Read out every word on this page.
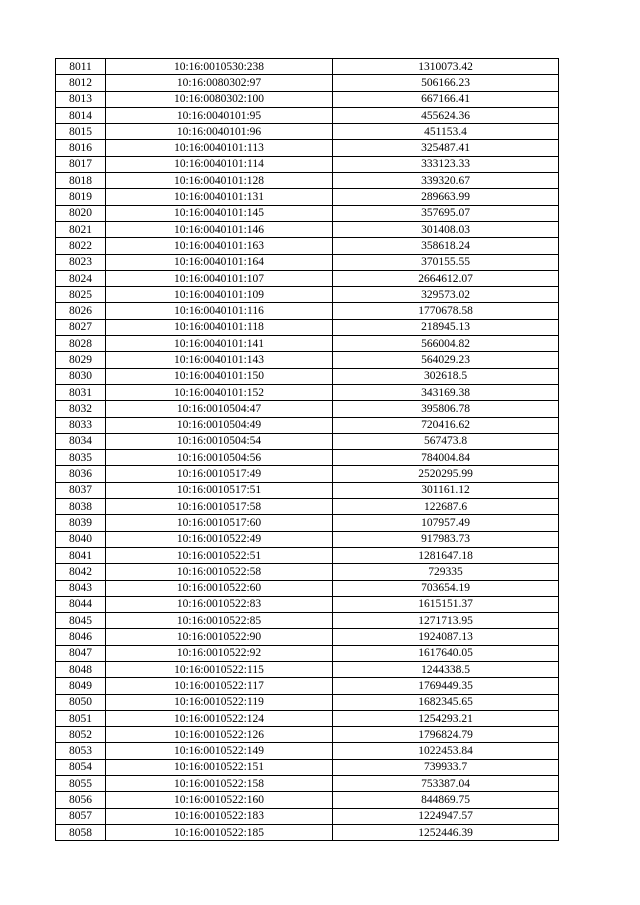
8011	10:16:0010530:238	1310073.42
8012	10:16:0080302:97	506166.23
8013	10:16:0080302:100	667166.41
8014	10:16:0040101:95	455624.36
8015	10:16:0040101:96	451153.4
8016	10:16:0040101:113	325487.41
8017	10:16:0040101:114	333123.33
8018	10:16:0040101:128	339320.67
8019	10:16:0040101:131	289663.99
8020	10:16:0040101:145	357695.07
8021	10:16:0040101:146	301408.03
8022	10:16:0040101:163	358618.24
8023	10:16:0040101:164	370155.55
8024	10:16:0040101:107	2664612.07
8025	10:16:0040101:109	329573.02
8026	10:16:0040101:116	1770678.58
8027	10:16:0040101:118	218945.13
8028	10:16:0040101:141	566004.82
8029	10:16:0040101:143	564029.23
8030	10:16:0040101:150	302618.5
8031	10:16:0040101:152	343169.38
8032	10:16:0010504:47	395806.78
8033	10:16:0010504:49	720416.62
8034	10:16:0010504:54	567473.8
8035	10:16:0010504:56	784004.84
8036	10:16:0010517:49	2520295.99
8037	10:16:0010517:51	301161.12
8038	10:16:0010517:58	122687.6
8039	10:16:0010517:60	107957.49
8040	10:16:0010522:49	917983.73
8041	10:16:0010522:51	1281647.18
8042	10:16:0010522:58	729335
8043	10:16:0010522:60	703654.19
8044	10:16:0010522:83	1615151.37
8045	10:16:0010522:85	1271713.95
8046	10:16:0010522:90	1924087.13
8047	10:16:0010522:92	1617640.05
8048	10:16:0010522:115	1244338.5
8049	10:16:0010522:117	1769449.35
8050	10:16:0010522:119	1682345.65
8051	10:16:0010522:124	1254293.21
8052	10:16:0010522:126	1796824.79
8053	10:16:0010522:149	1022453.84
8054	10:16:0010522:151	739933.7
8055	10:16:0010522:158	753387.04
8056	10:16:0010522:160	844869.75
8057	10:16:0010522:183	1224947.57
8058	10:16:0010522:185	1252446.39
